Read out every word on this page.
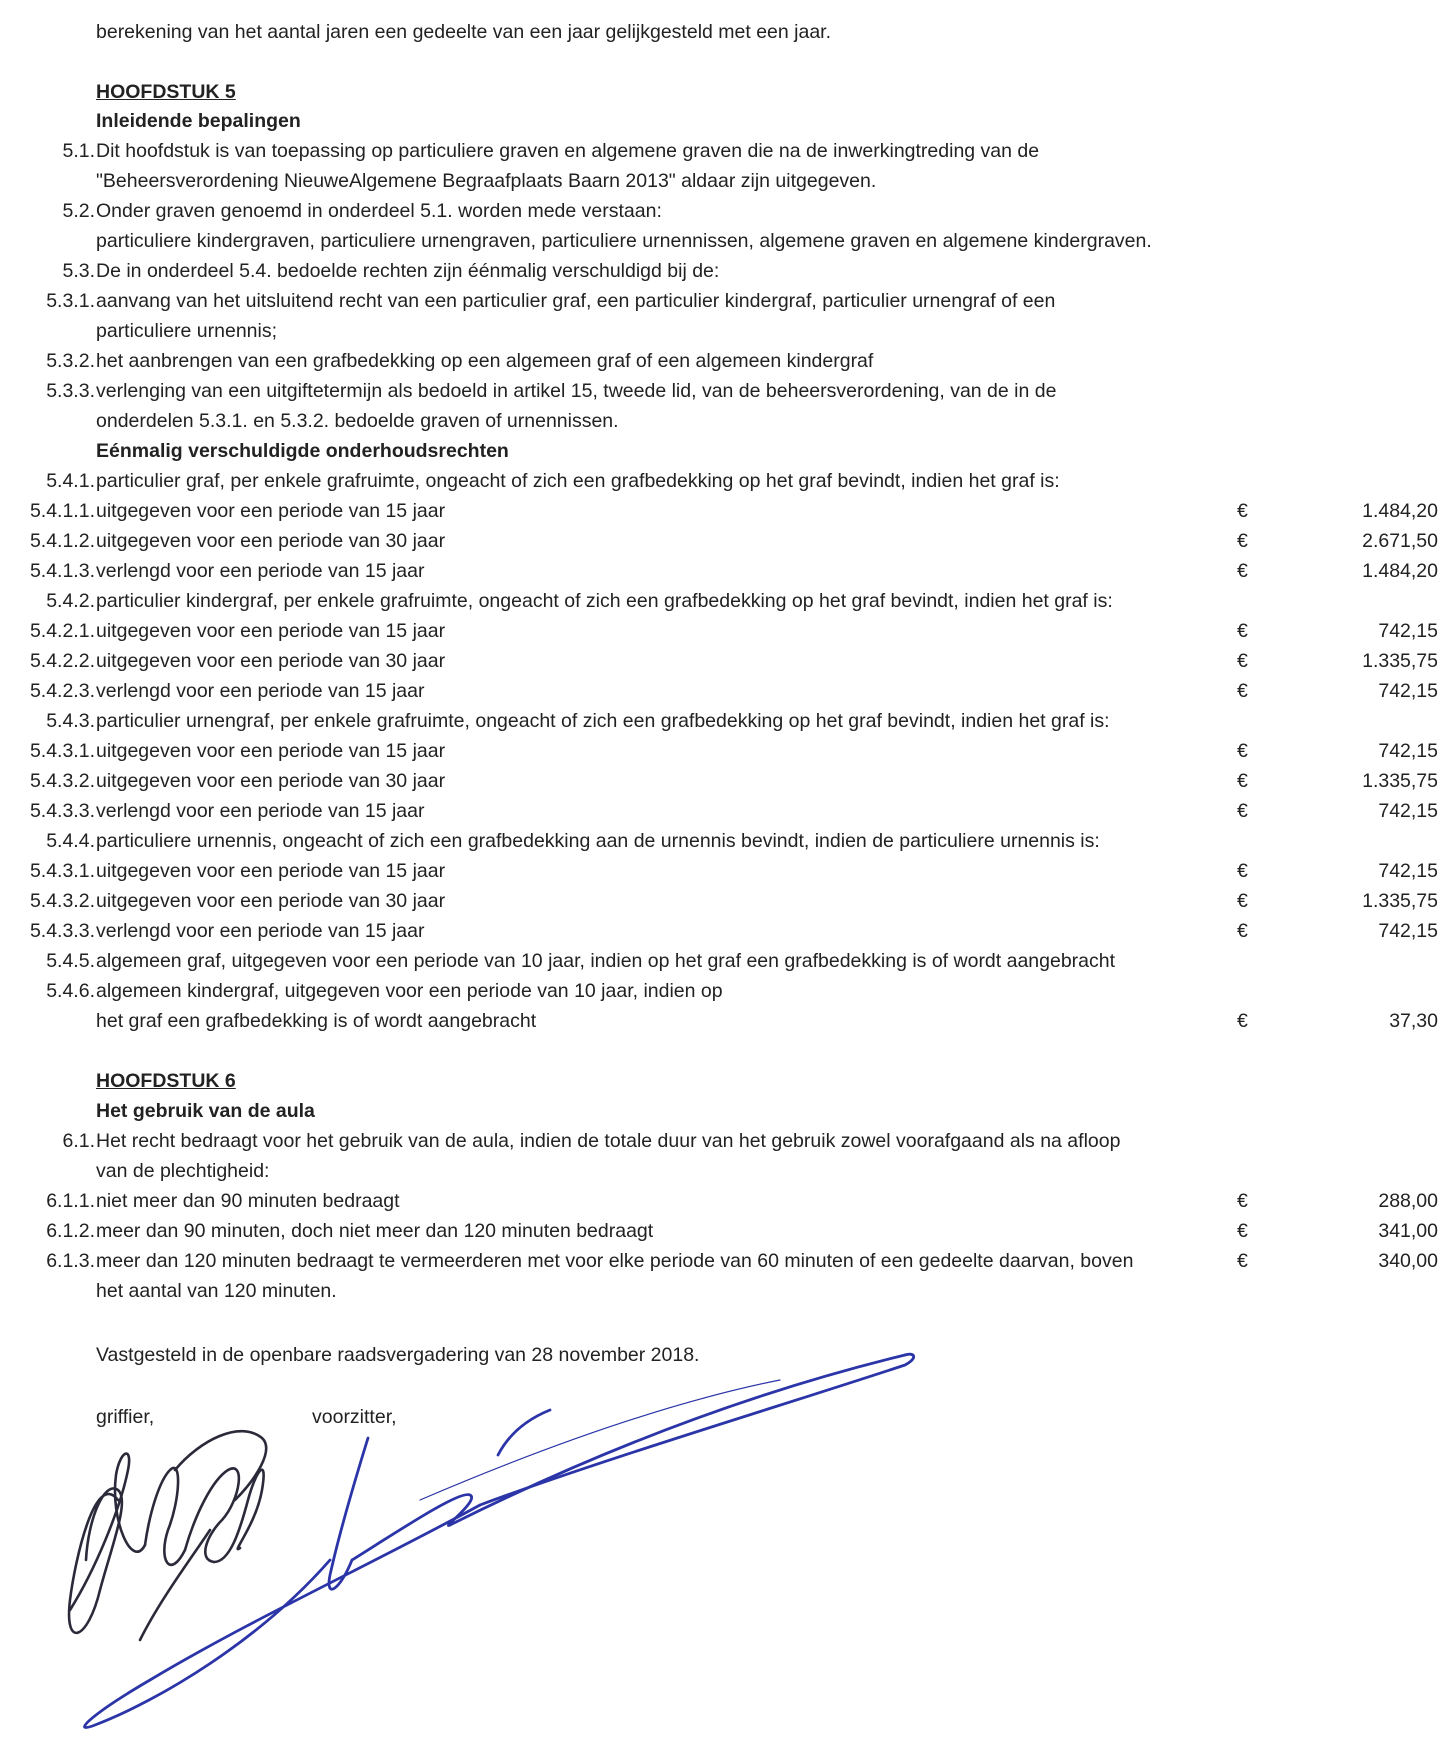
berekening van het aantal jaren een gedeelte van een jaar gelijkgesteld met een jaar.
HOOFDSTUK 5
Inleidende bepalingen
5.1. Dit hoofdstuk is van toepassing op particuliere graven en algemene graven die na de inwerkingtreding van de
"Beheersverordening NieuweAlgemene Begraafplaats Baarn 2013" aldaar zijn uitgegeven.
5.2. Onder graven genoemd in onderdeel 5.1. worden mede verstaan:
particuliere kindergraven, particuliere urnengraven, particuliere urnennissen, algemene graven en algemene kindergraven.
5.3. De in onderdeel 5.4. bedoelde rechten zijn éénmalig verschuldigd bij de:
5.3.1. aanvang van het uitsluitend recht van een particulier graf, een particulier kindergraf, particulier urnengraf of een
particuliere urnennis;
5.3.2. het aanbrengen van een grafbedekking op een algemeen graf of een algemeen kindergraf
5.3.3. verlenging van een uitgiftetermijn als bedoeld in artikel 15, tweede lid, van de beheersverordening, van de in de
onderdelen 5.3.1. en 5.3.2. bedoelde graven of urnennissen.
Eénmalig verschuldigde onderhoudsrechten
5.4.1. particulier graf, per enkele grafruimte, ongeacht of zich een grafbedekking op het graf bevindt, indien het graf is:
5.4.1.1. uitgegeven voor een periode van 15 jaar	€	1.484,20
5.4.1.2. uitgegeven voor een periode van 30 jaar	€	2.671,50
5.4.1.3. verlengd voor een periode van 15 jaar	€	1.484,20
5.4.2. particulier kindergraf, per enkele grafruimte, ongeacht of zich een grafbedekking op het graf bevindt, indien het graf is:
5.4.2.1. uitgegeven voor een periode van 15 jaar	€	742,15
5.4.2.2. uitgegeven voor een periode van 30 jaar	€	1.335,75
5.4.2.3. verlengd voor een periode van 15 jaar	€	742,15
5.4.3. particulier urnengraf, per enkele grafruimte, ongeacht of zich een grafbedekking op het graf bevindt, indien het graf is:
5.4.3.1. uitgegeven voor een periode van 15 jaar	€	742,15
5.4.3.2. uitgegeven voor een periode van 30 jaar	€	1.335,75
5.4.3.3. verlengd voor een periode van 15 jaar	€	742,15
5.4.4. particuliere urnennis, ongeacht of zich een grafbedekking aan de urnennis bevindt, indien de particuliere urnennis is:
5.4.3.1. uitgegeven voor een periode van 15 jaar	€	742,15
5.4.3.2. uitgegeven voor een periode van 30 jaar	€	1.335,75
5.4.3.3. verlengd voor een periode van 15 jaar	€	742,15
5.4.5. algemeen graf, uitgegeven voor een periode van 10 jaar, indien op het graf een grafbedekking is of wordt aangebracht
5.4.6. algemeen kindergraf, uitgegeven voor een periode van 10 jaar, indien op
het graf een grafbedekking is of wordt aangebracht	€	37,30
HOOFDSTUK 6
Het gebruik van de aula
6.1. Het recht bedraagt voor het gebruik van de aula, indien de totale duur van het gebruik zowel voorafgaand als na afloop
van de plechtigheid:
6.1.1. niet meer dan 90 minuten bedraagt	€	288,00
6.1.2. meer dan 90 minuten, doch niet meer dan 120 minuten bedraagt	€	341,00
6.1.3. meer dan 120 minuten bedraagt te vermeerderen met voor elke periode van 60 minuten of een gedeelte daarvan, boven	€	340,00
het aantal van 120 minuten.
Vastgesteld in de openbare raadsvergadering van 28 november 2018.
griffier,	voorzitter,
